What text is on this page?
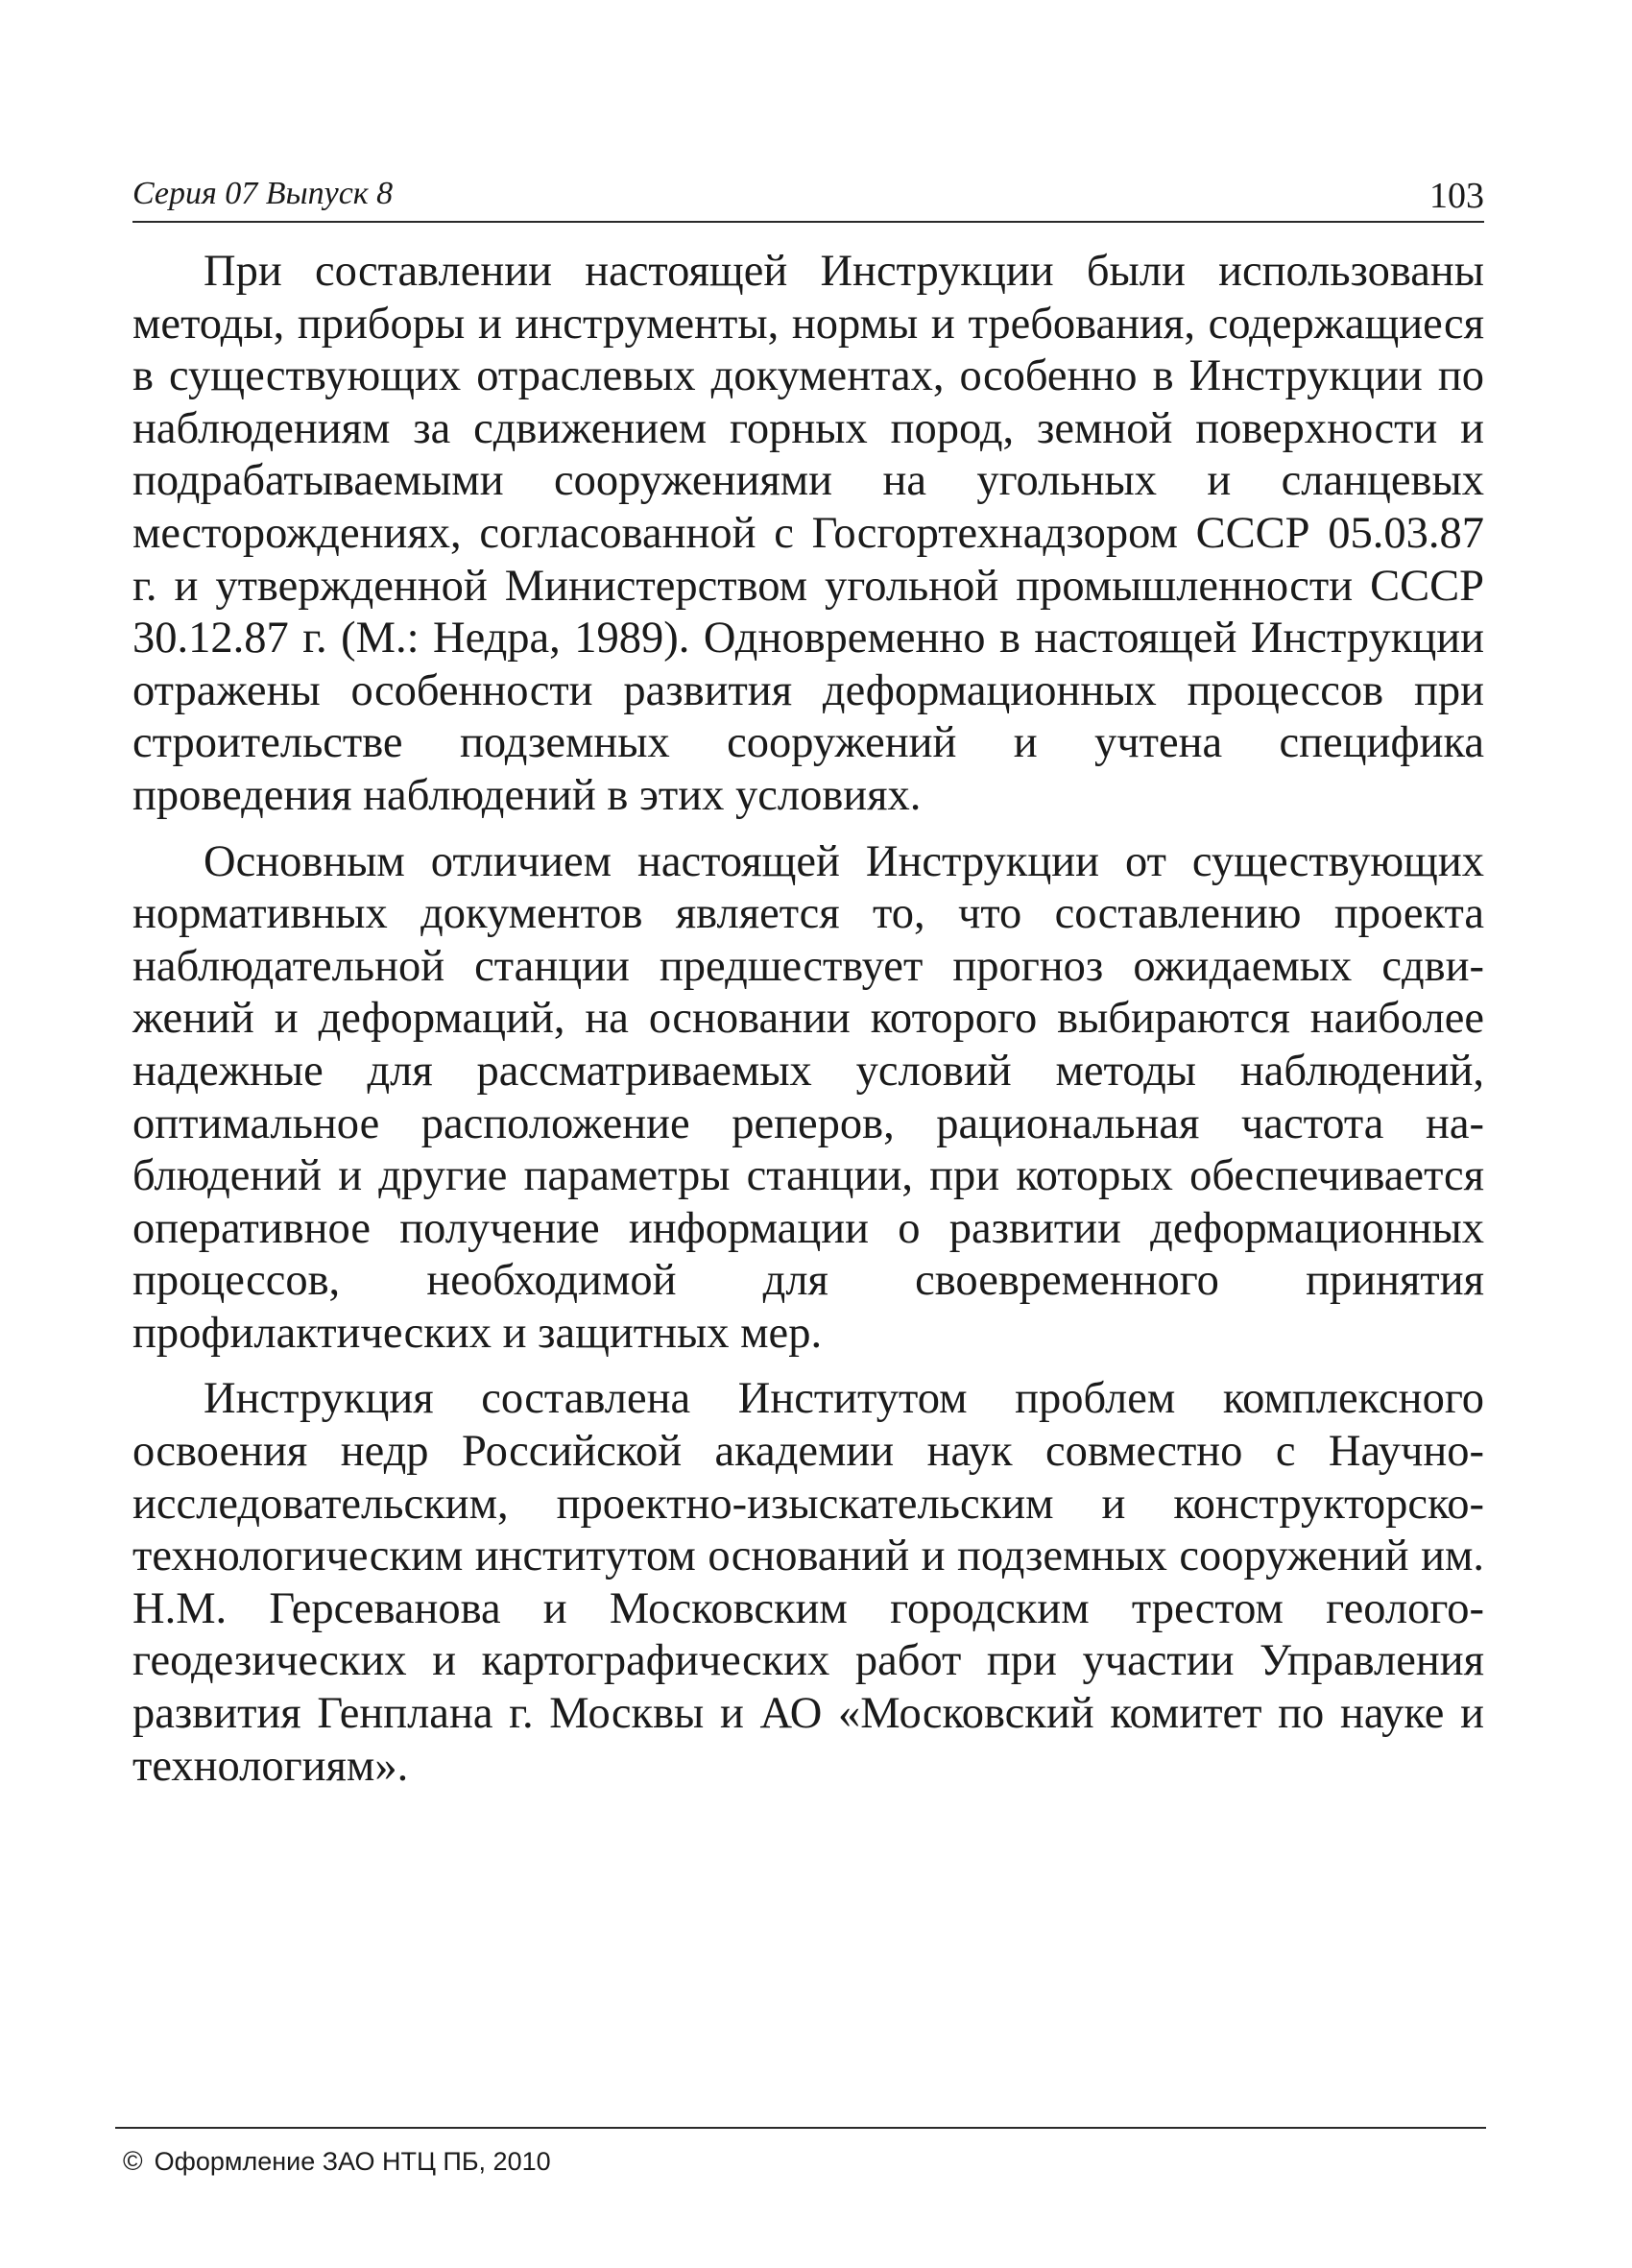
Серия 07 Выпуск 8	103

При составлении настоящей Инструкции были использованы методы, приборы и инструменты, нормы и требования, содержащиеся в существующих отраслевых документах, особенно в Инструкции по наблюдениям за сдвижением горных пород, земной поверхности и подрабатываемыми сооружениями на угольных и сланцевых месторождениях, согласованной с Госгортехнадзором СССР 05.03.87 г. и утвержденной Министерством угольной промышленности СССР 30.12.87 г. (М.: Недра, 1989). Одновременно в настоящей Инструкции отражены особенности развития деформационных процессов при строительстве подземных сооружений и учтена специфика проведения наблюдений в этих условиях.

Основным отличием настоящей Инструкции от существующих нормативных документов является то, что составлению проекта наблюдательной станции предшествует прогноз ожидаемых сдвижений и деформаций, на основании которого выбираются наиболее надежные для рассматриваемых условий методы наблюдений, оптимальное расположение реперов, рациональная частота наблюдений и другие параметры станции, при которых обеспечивается оперативное получение информации о развитии деформационных процессов, необходимой для своевременного принятия профилактических и защитных мер.

Инструкция составлена Институтом проблем комплексного освоения недр Российской академии наук совместно с Научно-исследовательским, проектно-изыскательским и конструкторско-технологическим институтом оснований и подземных сооружений им. Н.М. Герсеванова и Московским городским трестом геолого-геодезических и картографических работ при участии Управления развития Генплана г. Москвы и АО «Московский комитет по науке и технологиям».

© Оформление ЗАО НТЦ ПБ, 2010
